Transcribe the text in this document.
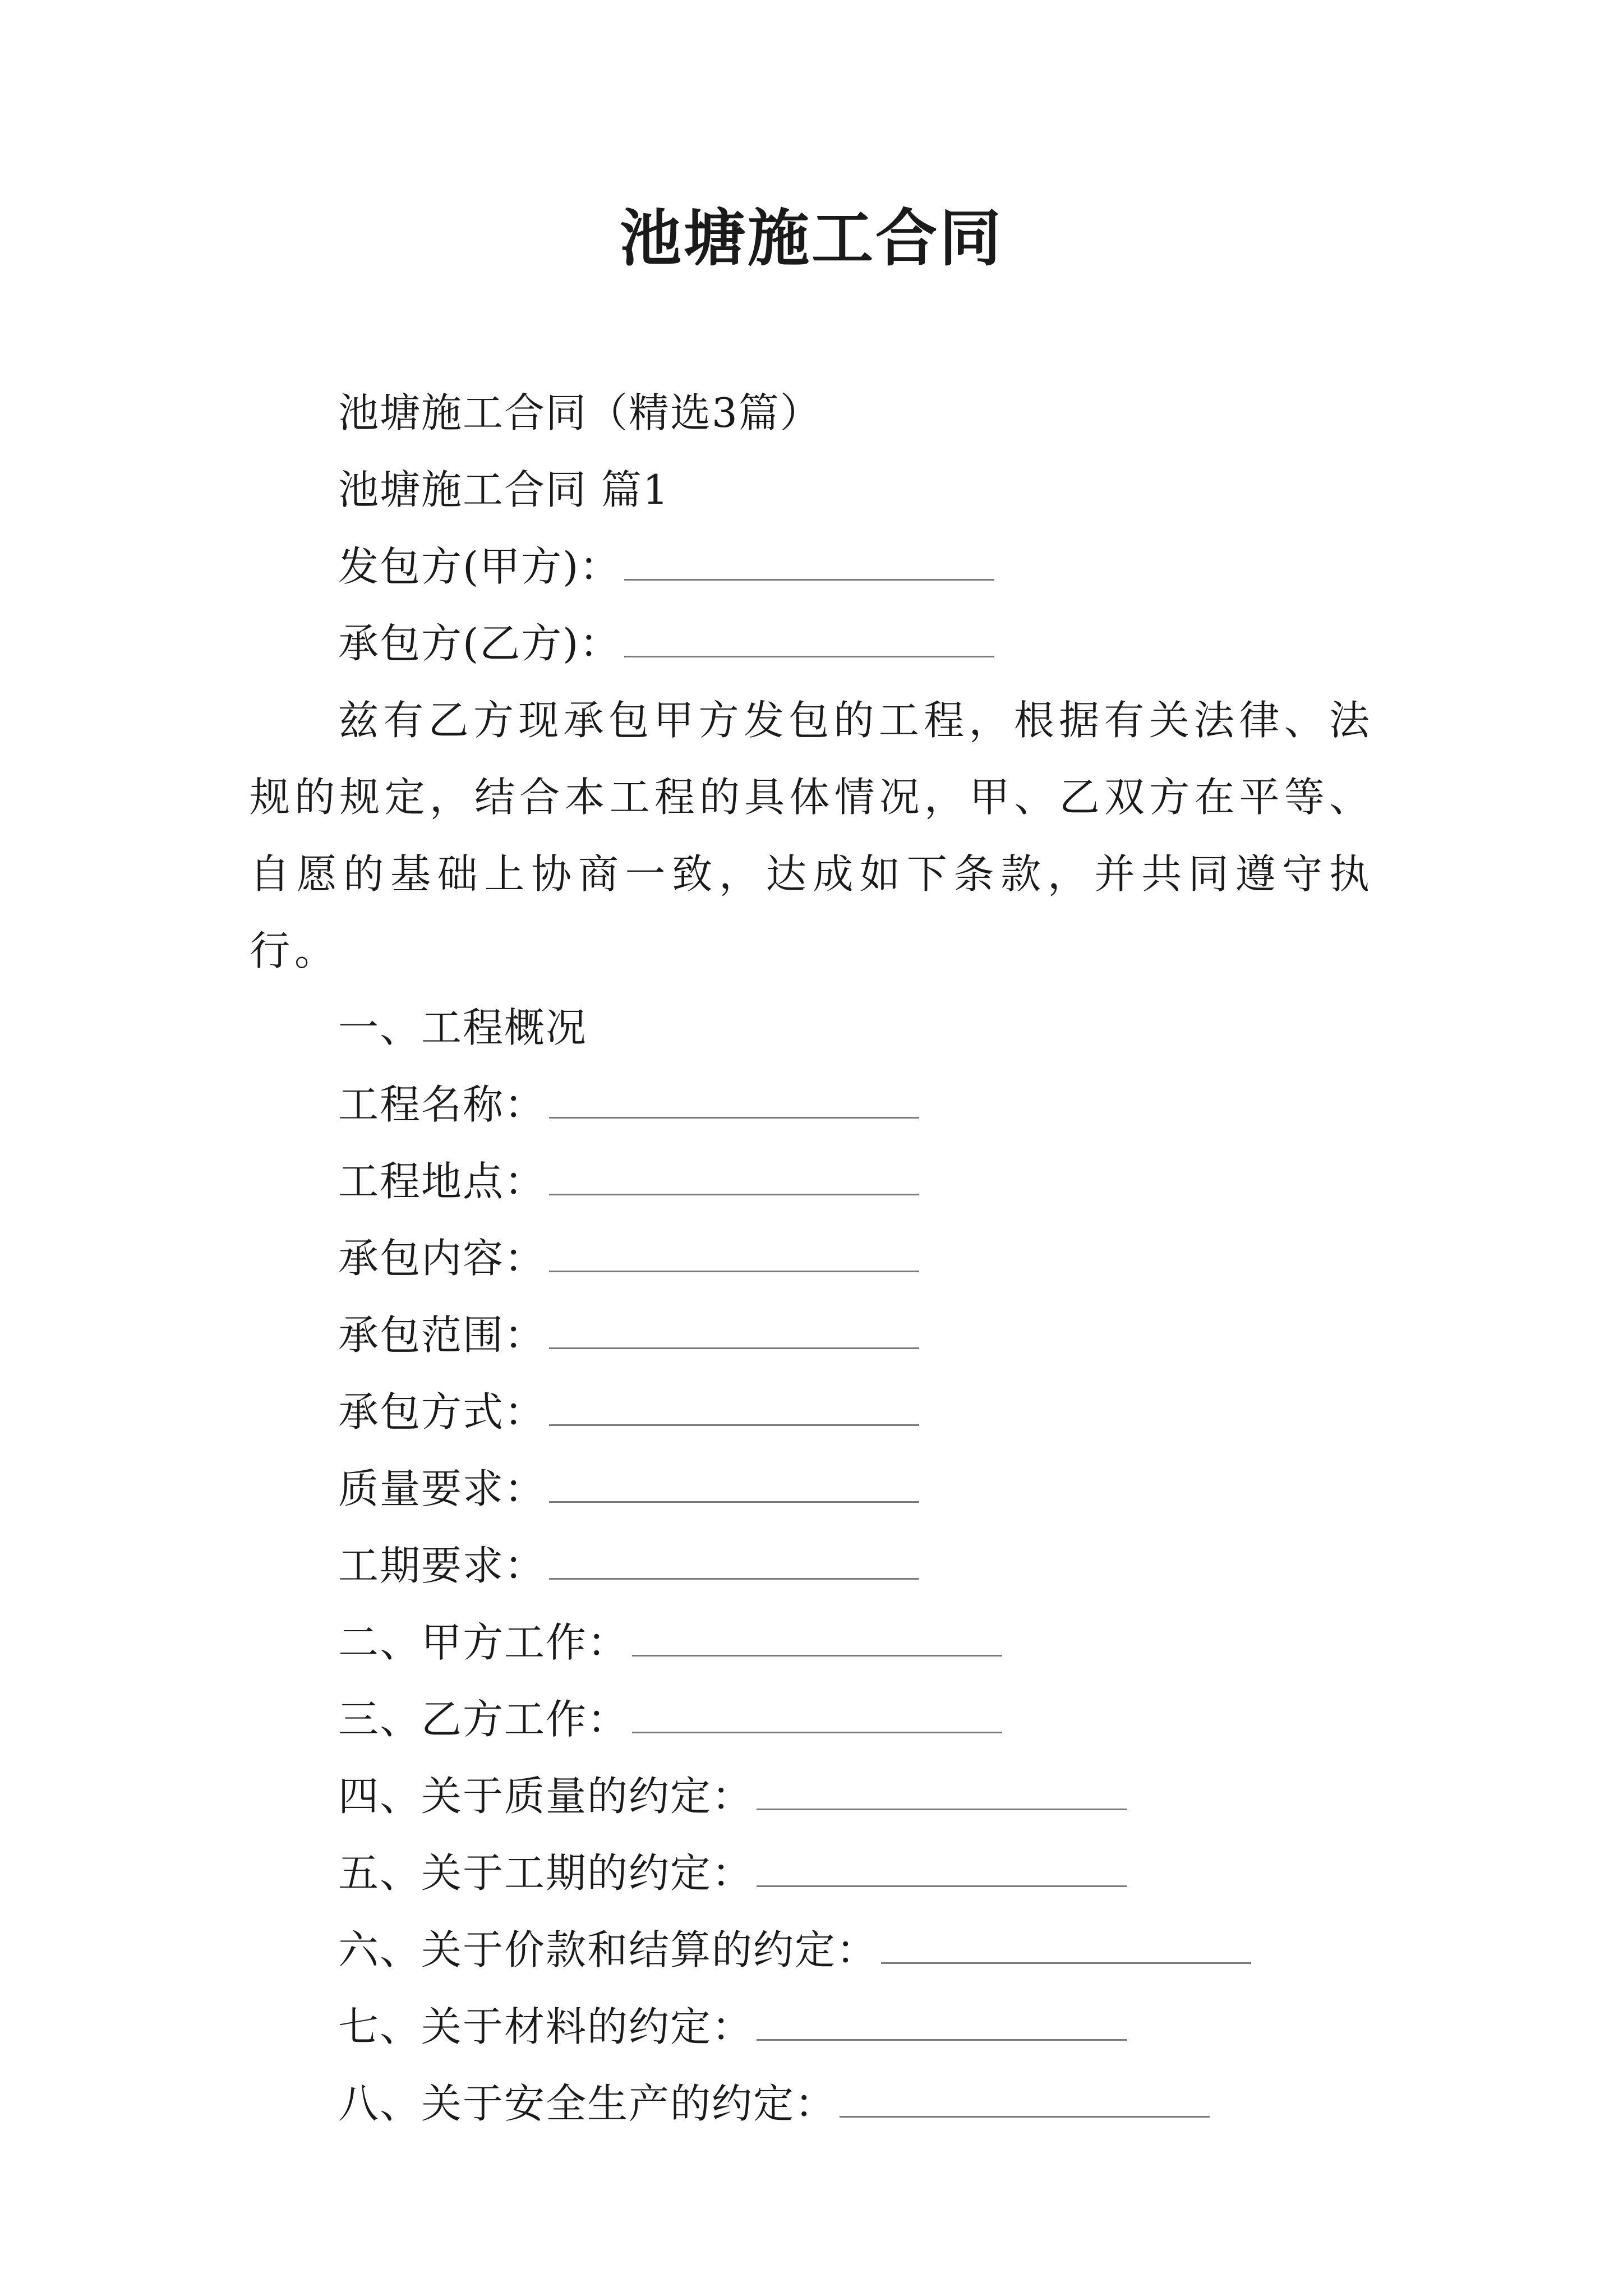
池塘施工合同
池塘施工合同（精选3篇）
池塘施工合同 篇1
发包方(甲方)：
承包方(乙方)：

兹有乙方现承包甲方发包的工程，根据有关法律、法规的规定，结合本工程的具体情况，甲、乙双方在平等、自愿的基础上协商一致，达成如下条款，并共同遵守执行。

一、工程概况
工程名称：
工程地点：
承包内容：
承包范围：
承包方式：
质量要求：
工期要求：
二、甲方工作：
三、乙方工作：
四、关于质量的约定：
五、关于工期的约定：
六、关于价款和结算的约定：
七、关于材料的约定：
八、关于安全生产的约定：
